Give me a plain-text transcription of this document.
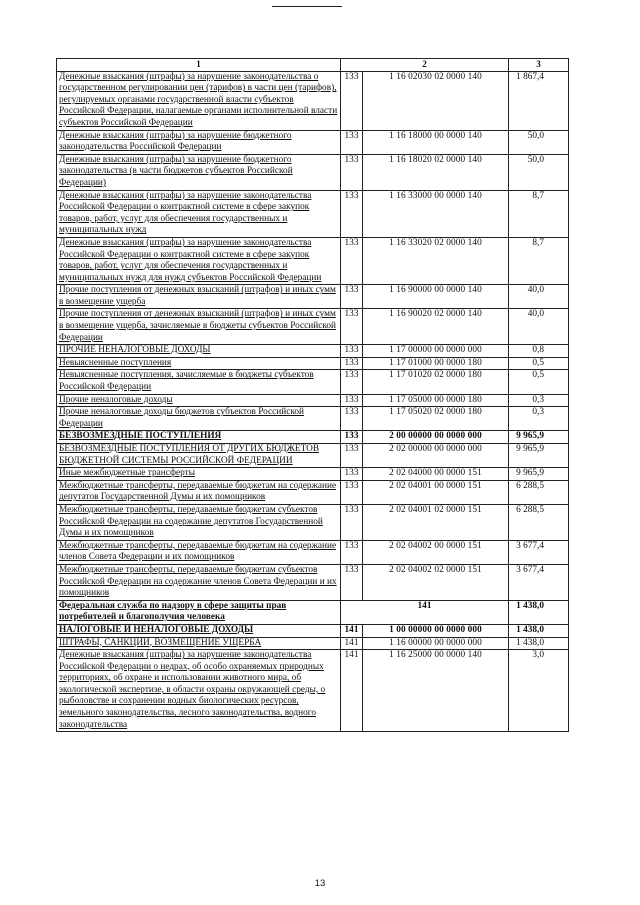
1	2		3
Денежные взыскания (штрафы) за нарушение законодательства о государственном регулировании цен (тарифов) в части цен (тарифов), регулируемых органами государственной власти субъектов Российской Федерации, налагаемые органами исполнительной власти субъектов Российской Федерации	133	1 16 02030 02 0000 140	1 867,4
Денежные взыскания (штрафы) за нарушение бюджетного законодательства Российской Федерации	133	1 16 18000 00 0000 140	50,0
Денежные взыскания (штрафы) за нарушение бюджетного законодательства (в части бюджетов субъектов Российской Федерации)	133	1 16 18020 02 0000 140	50,0
Денежные взыскания (штрафы) за нарушение законодательства Российской Федерации о контрактной системе в сфере закупок товаров, работ, услуг для обеспечения государственных и муниципальных нужд	133	1 16 33000 00 0000 140	8,7
Денежные взыскания (штрафы) за нарушение законодательства Российской Федерации о контрактной системе в сфере закупок товаров, работ, услуг для обеспечения государственных и муниципальных нужд для нужд субъектов Российской Федерации	133	1 16 33020 02 0000 140	8,7
Прочие поступления от денежных взысканий (штрафов) и иных сумм в возмещение ущерба	133	1 16 90000 00 0000 140	40,0
Прочие поступления от денежных взысканий (штрафов) и иных сумм в возмещение ущерба, зачисляемые в бюджеты субъектов Российской Федерации	133	1 16 90020 02 0000 140	40,0
ПРОЧИЕ НЕНАЛОГОВЫЕ ДОХОДЫ	133	1 17 00000 00 0000 000	0,8
Невыясненные поступления	133	1 17 01000 00 0000 180	0,5
Невыясненные поступления, зачисляемые в бюджеты субъектов Российской Федерации	133	1 17 01020 02 0000 180	0,5
Прочие неналоговые доходы	133	1 17 05000 00 0000 180	0,3
Прочие неналоговые доходы бюджетов субъектов Российской Федерации	133	1 17 05020 02 0000 180	0,3
БЕЗВОЗМЕЗДНЫЕ ПОСТУПЛЕНИЯ	133	2 00 00000 00 0000 000	9 965,9
БЕЗВОЗМЕЗДНЫЕ ПОСТУПЛЕНИЯ ОТ ДРУГИХ БЮДЖЕТОВ БЮДЖЕТНОЙ СИСТЕМЫ РОССИЙСКОЙ ФЕДЕРАЦИИ	133	2 02 00000 00 0000 000	9 965,9
Иные межбюджетные трансферты	133	2 02 04000 00 0000 151	9 965,9
Межбюджетные трансферты, передаваемые бюджетам на содержание депутатов Государственной Думы и их помощников	133	2 02 04001 00 0000 151	6 288,5
Межбюджетные трансферты, передаваемые бюджетам субъектов Российской Федерации на содержание депутатов Государственной Думы и их помощников	133	2 02 04001 02 0000 151	6 288,5
Межбюджетные трансферты, передаваемые бюджетам на содержание членов Совета Федерации и их помощников	133	2 02 04002 00 0000 151	3 677,4
Межбюджетные трансферты, передаваемые бюджетам субъектов Российской Федерации на содержание членов Совета Федерации и их помощников	133	2 02 04002 02 0000 151	3 677,4
Федеральная служба по надзору в сфере защиты прав потребителей и благополучия человека	141		1 438,0
НАЛОГОВЫЕ И НЕНАЛОГОВЫЕ ДОХОДЫ	141	1 00 00000 00 0000 000	1 438,0
ШТРАФЫ, САНКЦИИ, ВОЗМЕЩЕНИЕ УЩЕРБА	141	1 16 00000 00 0000 000	1 438,0
Денежные взыскания (штрафы) за нарушение законодательства Российской Федерации о недрах, об особо охраняемых природных территориях, об охране и использовании животного мира, об экологической экспертизе, в области охраны окружающей среды, о рыболовстве и сохранении водных биологических ресурсов, земельного законодательства, лесного законодательства, водного законодательства	141	1 16 25000 00 0000 140	3,0
13
